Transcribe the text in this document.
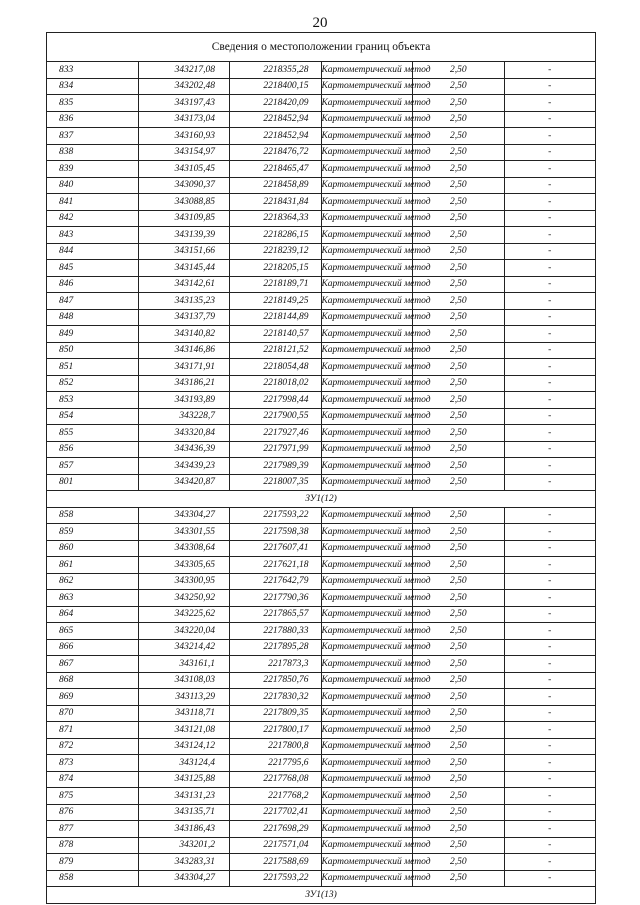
20
Сведения о местоположении границ объекта					
833	343217,08	2218355,28	Картометрический метод	2,50	-
834	343202,48	2218400,15	Картометрический метод	2,50	-
835	343197,43	2218420,09	Картометрический метод	2,50	-
836	343173,04	2218452,94	Картометрический метод	2,50	-
837	343160,93	2218452,94	Картометрический метод	2,50	-
838	343154,97	2218476,72	Картометрический метод	2,50	-
839	343105,45	2218465,47	Картометрический метод	2,50	-
840	343090,37	2218458,89	Картометрический метод	2,50	-
841	343088,85	2218431,84	Картометрический метод	2,50	-
842	343109,85	2218364,33	Картометрический метод	2,50	-
843	343139,39	2218286,15	Картометрический метод	2,50	-
844	343151,66	2218239,12	Картометрический метод	2,50	-
845	343145,44	2218205,15	Картометрический метод	2,50	-
846	343142,61	2218189,71	Картометрический метод	2,50	-
847	343135,23	2218149,25	Картометрический метод	2,50	-
848	343137,79	2218144,89	Картометрический метод	2,50	-
849	343140,82	2218140,57	Картометрический метод	2,50	-
850	343146,86	2218121,52	Картометрический метод	2,50	-
851	343171,91	2218054,48	Картометрический метод	2,50	-
852	343186,21	2218018,02	Картометрический метод	2,50	-
853	343193,89	2217998,44	Картометрический метод	2,50	-
854	343228,7	2217900,55	Картометрический метод	2,50	-
855	343320,84	2217927,46	Картометрический метод	2,50	-
856	343436,39	2217971,99	Картометрический метод	2,50	-
857	343439,23	2217989,39	Картометрический метод	2,50	-
801	343420,87	2218007,35	Картометрический метод	2,50	-
ЗУ1(12)					
858	343304,27	2217593,22	Картометрический метод	2,50	-
859	343301,55	2217598,38	Картометрический метод	2,50	-
860	343308,64	2217607,41	Картометрический метод	2,50	-
861	343305,65	2217621,18	Картометрический метод	2,50	-
862	343300,95	2217642,79	Картометрический метод	2,50	-
863	343250,92	2217790,36	Картометрический метод	2,50	-
864	343225,62	2217865,57	Картометрический метод	2,50	-
865	343220,04	2217880,33	Картометрический метод	2,50	-
866	343214,42	2217895,28	Картометрический метод	2,50	-
867	343161,1	2217873,3	Картометрический метод	2,50	-
868	343108,03	2217850,76	Картометрический метод	2,50	-
869	343113,29	2217830,32	Картометрический метод	2,50	-
870	343118,71	2217809,35	Картометрический метод	2,50	-
871	343121,08	2217800,17	Картометрический метод	2,50	-
872	343124,12	2217800,8	Картометрический метод	2,50	-
873	343124,4	2217795,6	Картометрический метод	2,50	-
874	343125,88	2217768,08	Картометрический метод	2,50	-
875	343131,23	2217768,2	Картометрический метод	2,50	-
876	343135,71	2217702,41	Картометрический метод	2,50	-
877	343186,43	2217698,29	Картометрический метод	2,50	-
878	343201,2	2217571,04	Картометрический метод	2,50	-
879	343283,31	2217588,69	Картометрический метод	2,50	-
858	343304,27	2217593,22	Картометрический метод	2,50	-
ЗУ1(13)					
